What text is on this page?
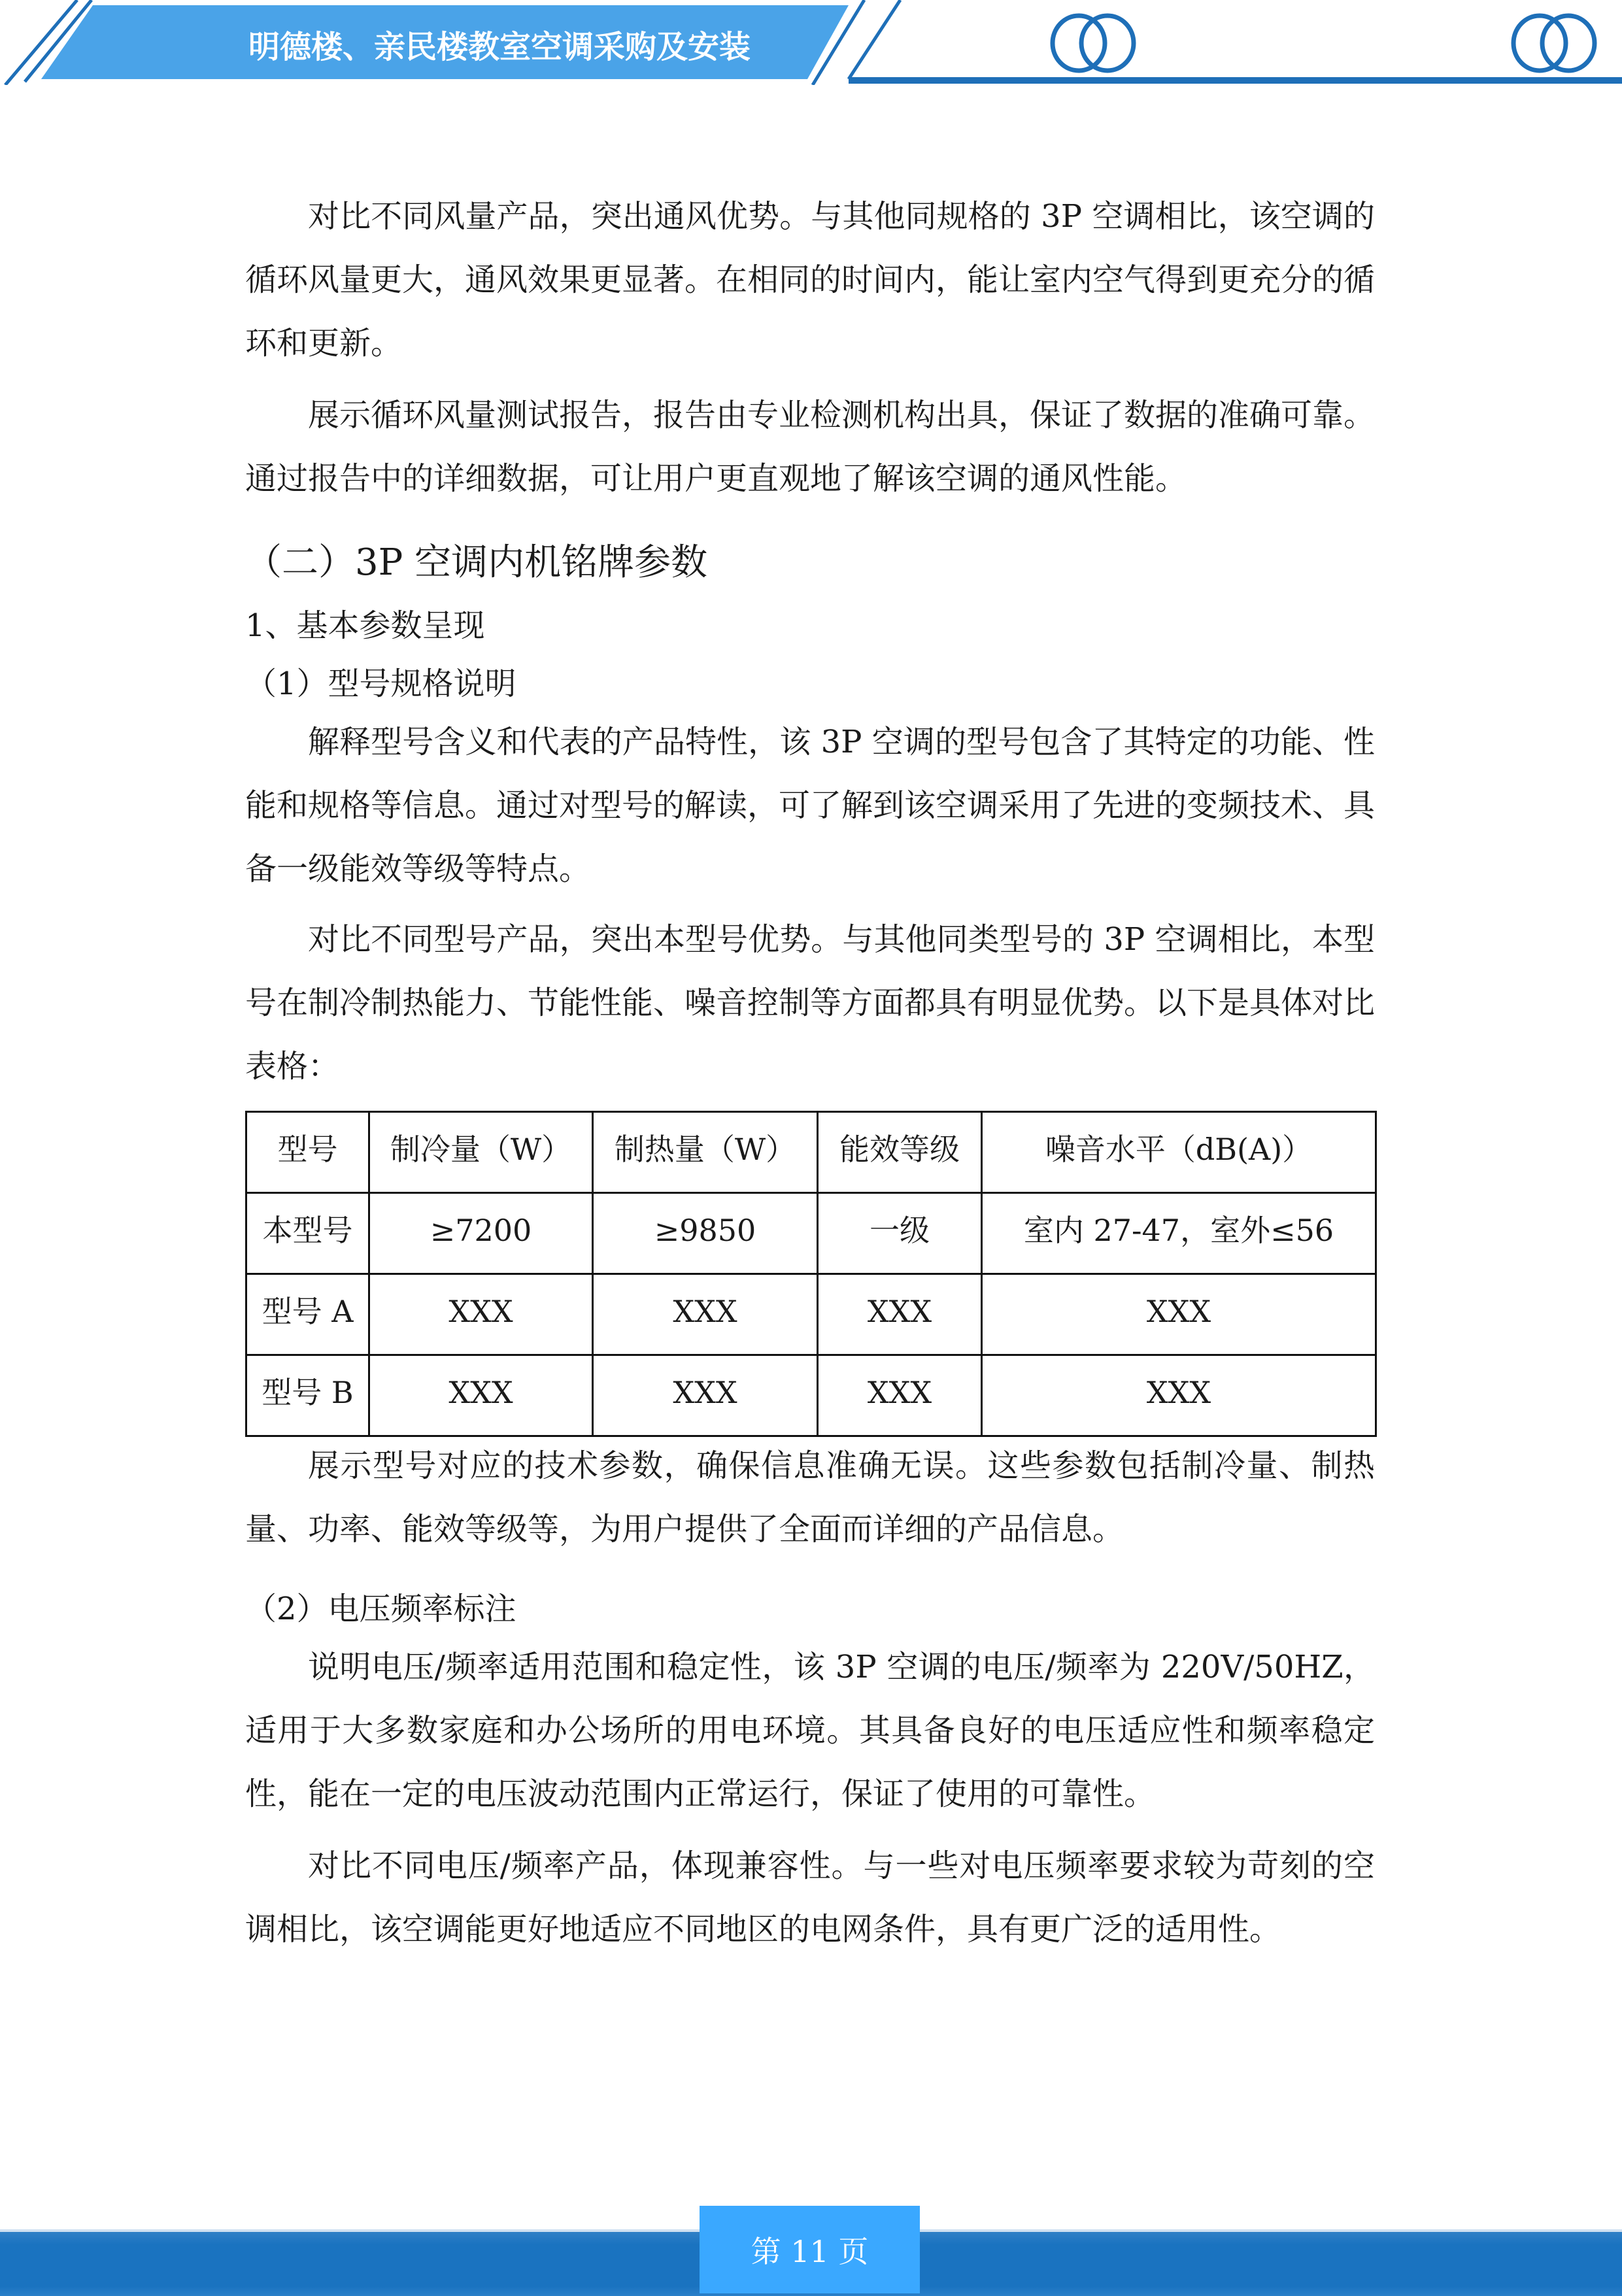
明德楼、亲民楼教室空调采购及安装

对比不同风量产品，突出通风优势。与其他同规格的 3P 空调相比，该空调的循环风量更大，通风效果更显著。在相同的时间内，能让室内空气得到更充分的循环和更新。

展示循环风量测试报告，报告由专业检测机构出具，保证了数据的准确可靠。通过报告中的详细数据，可让用户更直观地了解该空调的通风性能。

（二）3P 空调内机铭牌参数

1、基本参数呈现

（1）型号规格说明

解释型号含义和代表的产品特性，该 3P 空调的型号包含了其特定的功能、性能和规格等信息。通过对型号的解读，可了解到该空调采用了先进的变频技术、具备一级能效等级等特点。

对比不同型号产品，突出本型号优势。与其他同类型号的 3P 空调相比，本型号在制冷制热能力、节能性能、噪音控制等方面都具有明显优势。以下是具体对比表格：

型号	制冷量（W）	制热量（W）	能效等级	噪音水平（dB(A)）
本型号	≥7200	≥9850	一级	室内 27-47，室外≤56
型号 A	XXX	XXX	XXX	XXX
型号 B	XXX	XXX	XXX	XXX

展示型号对应的技术参数，确保信息准确无误。这些参数包括制冷量、制热量、功率、能效等级等，为用户提供了全面而详细的产品信息。

（2）电压频率标注

说明电压/频率适用范围和稳定性，该 3P 空调的电压/频率为 220V/50HZ，适用于大多数家庭和办公场所的用电环境。其具备良好的电压适应性和频率稳定性，能在一定的电压波动范围内正常运行，保证了使用的可靠性。

对比不同电压/频率产品，体现兼容性。与一些对电压频率要求较为苛刻的空调相比，该空调能更好地适应不同地区的电网条件，具有更广泛的适用性。

第 11 页
